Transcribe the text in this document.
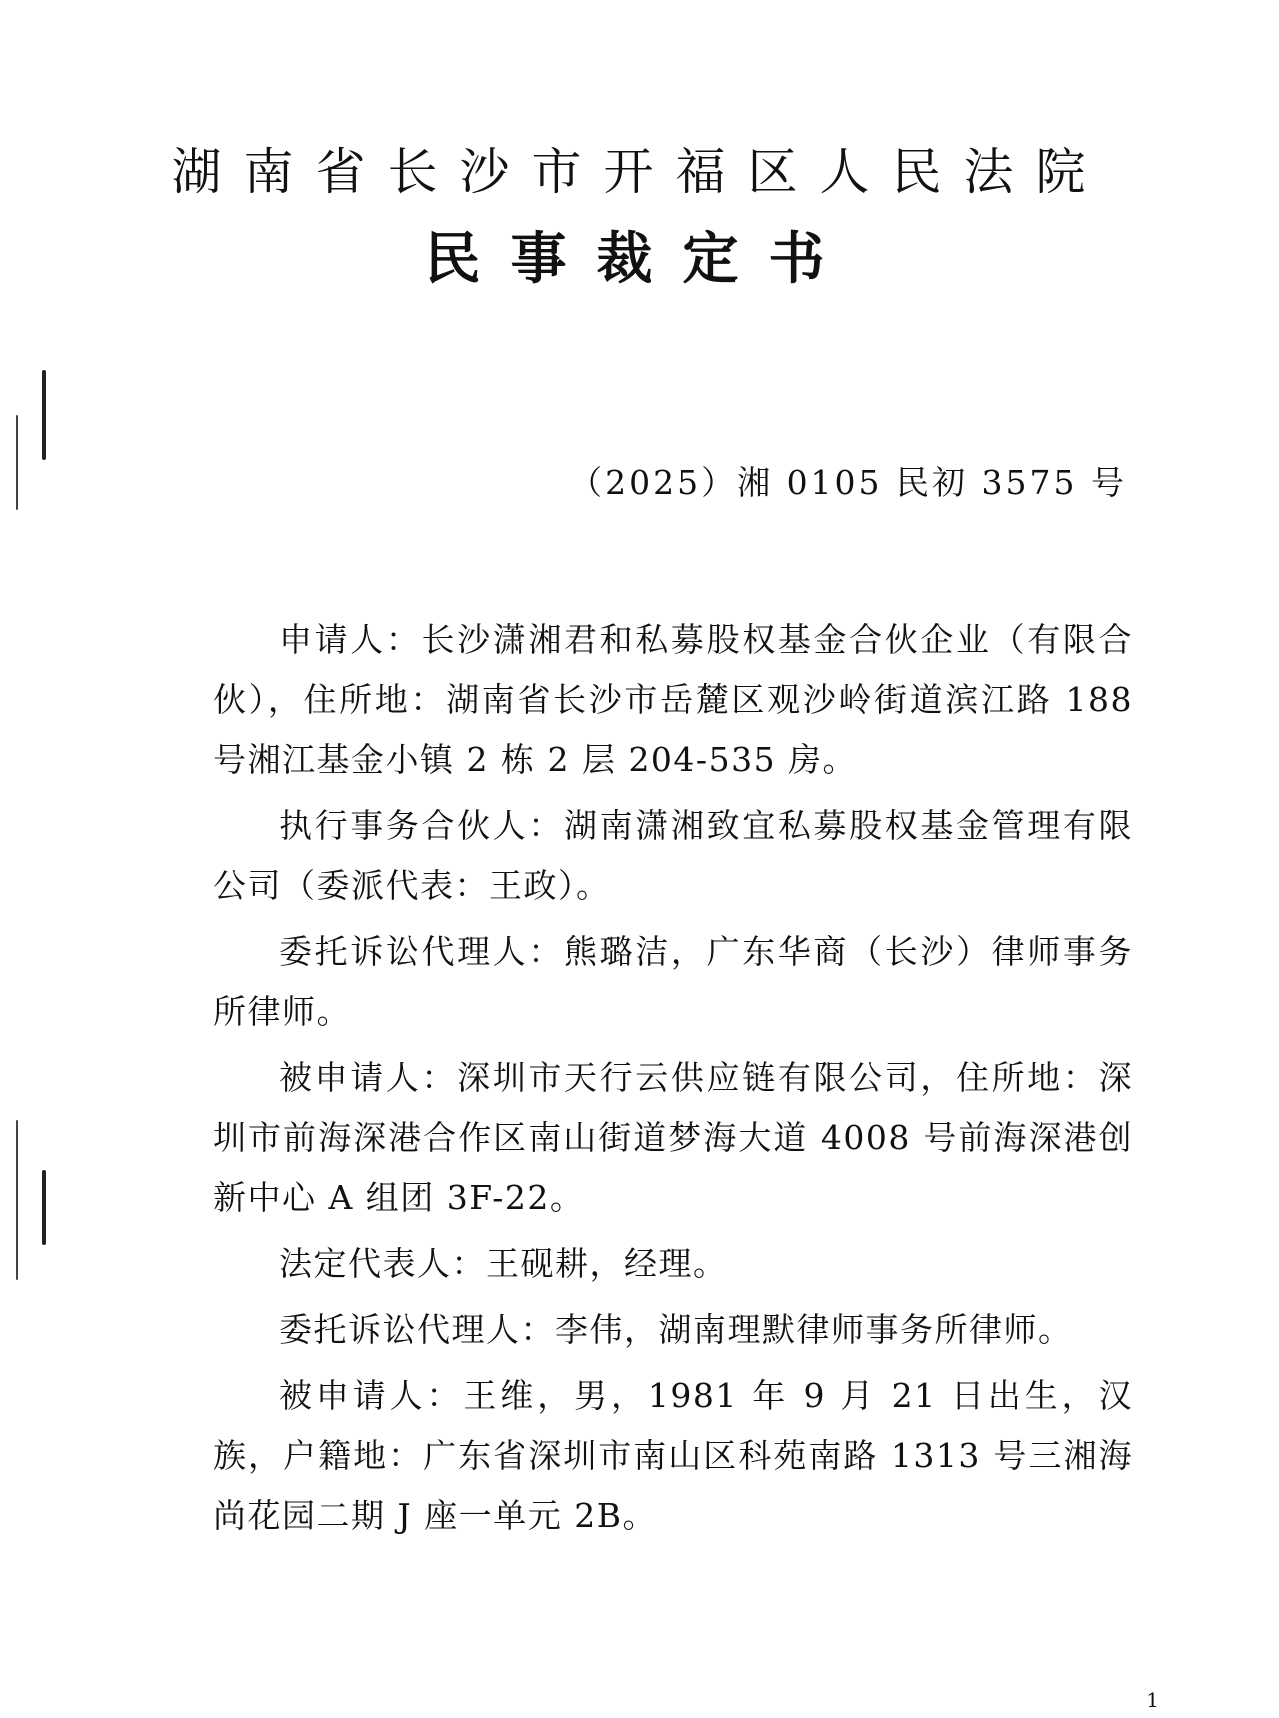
湖南省长沙市开福区人民法院
民事裁定书
（2025）湘 0105 民初 3575 号

申请人：长沙潇湘君和私募股权基金合伙企业（有限合伙），住所地：湖南省长沙市岳麓区观沙岭街道滨江路 188 号湘江基金小镇 2 栋 2 层 204-535 房。

执行事务合伙人：湖南潇湘致宜私募股权基金管理有限公司（委派代表：王政）。

委托诉讼代理人：熊璐洁，广东华商（长沙）律师事务所律师。

被申请人：深圳市天行云供应链有限公司，住所地：深圳市前海深港合作区南山街道梦海大道 4008 号前海深港创新中心 A 组团 3F-22。

法定代表人：王砚耕，经理。

委托诉讼代理人：李伟，湖南理默律师事务所律师。

被申请人：王维，男，1981 年 9 月 21 日出生，汉族，户籍地：广东省深圳市南山区科苑南路 1313 号三湘海尚花园二期 J 座一单元 2B。

1
